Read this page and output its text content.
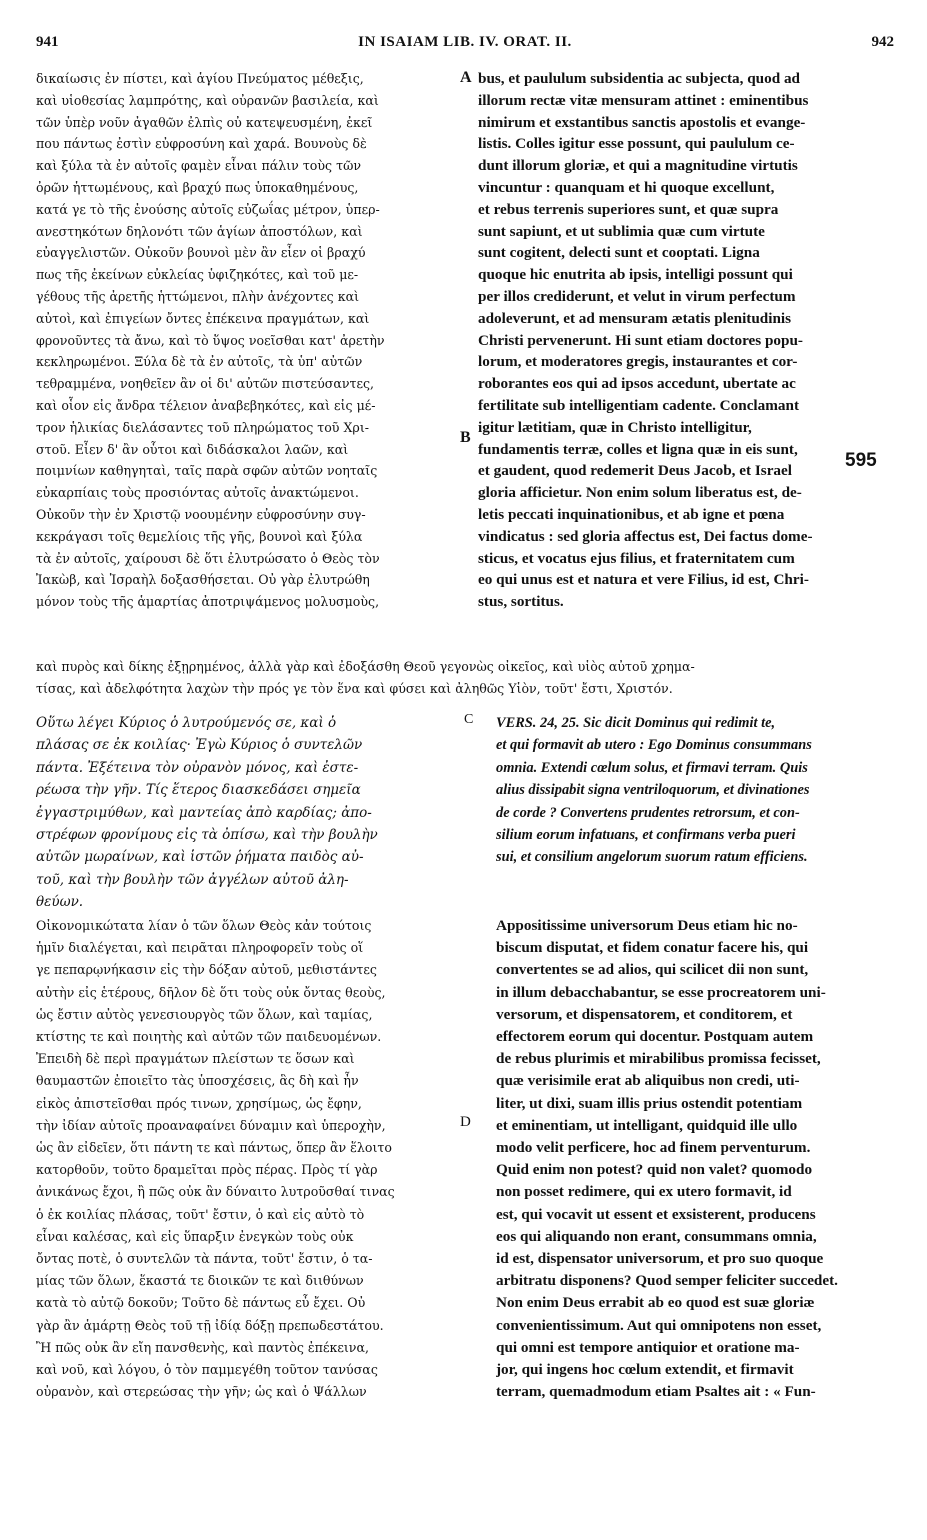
941	IN ISAIAM LIB. IV. ORAT. II.	942
δικαίωσις ἐν πίστει, καὶ ἁγίου Πνεύματος μέθεξις,
καὶ υἱοθεσίας λαμπρότης, καὶ οὐρανῶν βασιλεία, καὶ
τῶν ὑπὲρ νοῦν ἀγαθῶν ἐλπὶς οὐ κατεψευσμένη, ἐκεῖ
που πάντως ἐστὶν εὐφροσύνη καὶ χαρά. Βουνοὺς δὲ
καὶ ξύλα τὰ ἐν αὐτοῖς φαμὲν εἶναι πάλιν τοὺς τῶν
ὀρῶν ἡττωμένους, καὶ βραχύ πως ὑποκαθημένους,
κατά γε τὸ τῆς ἐνούσης αὐτοῖς εὐζωΐας μέτρον, ὑπερ-
ανεστηκότων δηλονότι τῶν ἁγίων ἀποστόλων, καὶ
εὐαγγελιστῶν. Οὐκοῦν βουνοὶ μὲν ἂν εἶεν οἱ βραχύ
πως τῆς ἐκείνων εὐκλείας ὑφιζηκότες, καὶ τοῦ με-
γέθους τῆς ἀρετῆς ἡττώμενοι, πλὴν ἀνέχοντες καὶ
αὐτοὶ, καὶ ἐπιγείων ὄντες ἐπέκεινα πραγμάτων, καὶ
φρονοῦντες τὰ ἄνω, καὶ τὸ ὕψος νοεῖσθαι κατ' ἀρετὴν
κεκληρωμένοι. Ξύλα δὲ τὰ ἐν αὐτοῖς, τὰ ὑπ' αὐτῶν
τεθραμμένα, νοηθεῖεν ἂν οἱ δι' αὐτῶν πιστεύσαντες,
καὶ οἷον εἰς ἄνδρα τέλειον ἀναβεβηκότες, καὶ εἰς μέ-
τρον ἡλικίας διελάσαντες τοῦ πληρώματος τοῦ Χρι-
στοῦ. Εἶεν δ' ἂν οὗτοι καὶ διδάσκαλοι λαῶν, καὶ
ποιμνίων καθηγηταὶ, ταῖς παρὰ σφῶν αὐτῶν νοηταῖς
εὐκαρπίαις τοὺς προσιόντας αὐτοῖς ἀνακτώμενοι.
Οὐκοῦν τὴν ἐν Χριστῷ νοουμένην εὐφροσύνην συγ-
κεκράγασι τοῖς θεμελίοις τῆς γῆς, βουνοὶ καὶ ξύλα
τὰ ἐν αὐτοῖς, χαίρουσι δὲ ὅτι ἐλυτρώσατο ὁ Θεὸς τὸν
Ἰακὼβ, καὶ Ἰσραὴλ δοξασθήσεται. Οὐ γὰρ ἐλυτρώθη
μόνον τοὺς τῆς ἁμαρτίας ἀποτριψάμενος μολυσμοὺς,
bus, et paululum subsidentia ac subjecta, quod ad
illorum rectæ vitæ mensuram attinet : eminentibus
nimirum et exstantibus sanctis apostolis et evange-
listis. Colles igitur esse possunt, qui paululum ce-
dunt illorum gloriæ, et qui a magnitudine virtutis
vincuntur : quanquam et hi quoque excellunt,
et rebus terrenis superiores sunt, et quæ supra
sunt sapiunt, et ut sublimia quæ cum virtute
sunt cogitent, delecti sunt et cooptati. Ligna
quoque hic enutrita ab ipsis, intelligi possunt qui
per illos crediderunt, et velut in virum perfectum
adoleverunt, et ad mensuram ætatis plenitudinis
Christi pervenerunt. Hi sunt etiam doctores popu-
lorum, et moderatores gregis, instaurantes et cor-
roborantes eos qui ad ipsos accedunt, ubertate ac
fertilitate sub intelligentiam cadente. Conclamant
igitur lætitiam, quæ in Christo intelligitur,
fundamentis terræ, colles et ligna quæ in eis sunt,
et gaudent, quod redemerit Deus Jacob, et Israel
gloria afficietur. Non enim solum liberatus est, de-
letis peccati inquinationibus, et ab igne et pœna
vindicatus : sed gloria affectus est, Dei factus dome-
sticus, et vocatus ejus filius, et fraternitatem cum
eo qui unus est et natura et vere Filius, id est, Chri-
stus, sortitus.
καὶ πυρὸς καὶ δίκης ἐξῃρημένος, ἀλλὰ γὰρ καὶ ἐδοξάσθη Θεοῦ γεγονὼς οἰκεῖος, καὶ υἱὸς αὐτοῦ χρημα-
τίσας, καὶ ἀδελφότητα λαχὼν τὴν πρός γε τὸν ἕνα καὶ φύσει καὶ ἀληθῶς Υἱὸν, τοῦτ' ἔστι, Χριστόν.
Οὕτω λέγει Κύριος ὁ λυτρούμενός σε, καὶ ὁ
πλάσας σε ἐκ κοιλίας· Ἐγὼ Κύριος ὁ συντελῶν
πάντα. Ἐξέτεινα τὸν οὐρανὸν μόνος, καὶ ἐστε-
ρέωσα τὴν γῆν. Τίς ἕτερος διασκεδάσει σημεῖα
ἐγγαστριμύθων, καὶ μαντείας ἀπὸ καρδίας; ἀπο-
στρέφων φρονίμους εἰς τὰ ὀπίσω, καὶ τὴν βουλὴν
αὐτῶν μωραίνων, καὶ ἱστῶν ῥήματα παιδὸς αὐ-
τοῦ, καὶ τὴν βουλὴν τῶν ἀγγέλων αὐτοῦ ἀλη-
θεύων.
VERS. 24, 25. Sic dicit Dominus qui redimit te,
et qui formavit ab utero : Ego Dominus consummans
omnia. Extendi cœlum solus, et firmavi terram. Quis
alius dissipabit signa ventriloquorum, et divinationes
de corde ? Convertens prudentes retrorsum, et con-
silium eorum infatuans, et confirmans verba pueri
sui, et consilium angelorum suorum ratum efficiens.
Οἰκονομικώτατα λίαν ὁ τῶν ὅλων Θεὸς κἀν τούτοις
ἡμῖν διαλέγεται, καὶ πειρᾶται πληροφορεῖν τοὺς οἵ
γε πεπαρῳνήκασιν εἰς τὴν δόξαν αὐτοῦ, μεθιστάντες
αὐτὴν εἰς ἑτέρους, δῆλον δὲ ὅτι τοὺς οὐκ ὄντας θεοὺς,
ὡς ἔστιν αὐτὸς γενεσιουργὸς τῶν ὅλων, καὶ ταμίας,
κτίστης τε καὶ ποιητὴς καὶ αὐτῶν τῶν παιδευομένων.
Ἐπειδὴ δὲ περὶ πραγμάτων πλείστων τε ὅσων καὶ
θαυμαστῶν ἐποιεῖτο τὰς ὑποσχέσεις, ἃς δὴ καὶ ἦν
εἰκὸς ἀπιστεῖσθαι πρός τινων, χρησίμως, ὡς ἔφην,
τὴν ἰδίαν αὐτοῖς προαναφαίνει δύναμιν καὶ ὑπεροχὴν,
ὡς ἂν εἰδεῖεν, ὅτι πάντη τε καὶ πάντως, ὅπερ ἂν ἕλοιτο
κατορθοῦν, τοῦτο δραμεῖται πρὸς πέρας. Πρὸς τί γὰρ
ἀνικάνως ἔχοι, ἢ πῶς οὐκ ἂν δύναιτο λυτροῦσθαί τινας
ὁ ἐκ κοιλίας πλάσας, τοῦτ' ἔστιν, ὁ καὶ εἰς αὐτὸ τὸ
εἶναι καλέσας, καὶ εἰς ὕπαρξιν ἐνεγκὼν τοὺς οὐκ
ὄντας ποτὲ, ὁ συντελῶν τὰ πάντα, τοῦτ' ἔστιν, ὁ τα-
μίας τῶν ὅλων, ἕκαστά τε διοικῶν τε καὶ διιθύνων
κατὰ τὸ αὐτῷ δοκοῦν; Τοῦτο δὲ πάντως εὖ ἔχει. Οὐ
γὰρ ἂν ἁμάρτῃ Θεὸς τοῦ τῇ ἰδίᾳ δόξῃ πρεπωδεστάτου.
Ἢ πῶς οὐκ ἂν εἴη πανσθενὴς, καὶ παντὸς ἐπέκεινα,
καὶ νοῦ, καὶ λόγου, ὁ τὸν παμμεγέθη τοῦτον τανύσας
οὐρανὸν, καὶ στερεώσας τὴν γῆν; ὡς καὶ ὁ Ψάλλων
Appositissime universorum Deus etiam hic no-
biscum disputat, et fidem conatur facere his, qui
convertentes se ad alios, qui scilicet dii non sunt,
in illum debacchabantur, se esse procreatorem uni-
versorum, et dispensatorem, et conditorem, et
effectorem eorum qui docentur. Postquam autem
de rebus plurimis et mirabilibus promissa fecisset,
quæ verisimile erat ab aliquibus non credi, uti-
liter, ut dixi, suam illis prius ostendit potentiam
et eminentiam, ut intelligant, quidquid ille ullo
modo velit perficere, hoc ad finem perventurum.
Quid enim non potest? quid non valet? quomodo
non posset redimere, qui ex utero formavit, id
est, qui vocavit ut essent et exsisterent, producens
eos qui aliquando non erant, consummans omnia,
id est, dispensator universorum, et pro suo quoque
arbitratu disponens? Quod semper feliciter succedet.
Non enim Deus errabit ab eo quod est suæ gloriæ
convenientissimum. Aut qui omnipotens non esset,
qui omni est tempore antiquior et oratione ma-
jor, qui ingens hoc cœlum extendit, et firmavit
terram, quemadmodum etiam Psaltes ait : « Fun-
A
B
C
D
595
